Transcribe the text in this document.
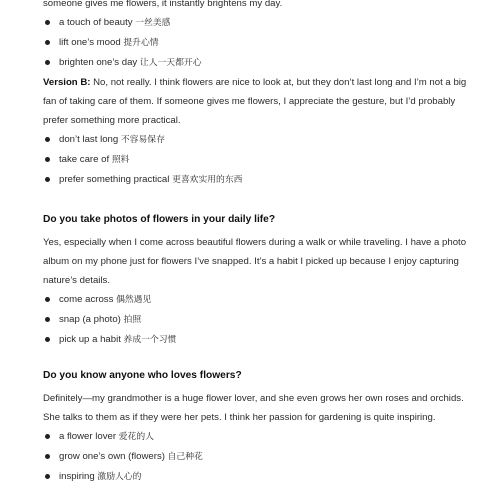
someone gives me flowers, it instantly brightens my day.
a touch of beauty 一丝美感
lift one’s mood 提升心情
brighten one’s day 让人一天都开心

Version B: No, not really. I think flowers are nice to look at, but they don’t last long and I’m not a big fan of taking care of them. If someone gives me flowers, I appreciate the gesture, but I’d probably prefer something more practical.

don’t last long 不容易保存
take care of 照料
prefer something practical 更喜欢实用的东西
Do you take photos of flowers in your daily life?

Yes, especially when I come across beautiful flowers during a walk or while traveling. I have a photo album on my phone just for flowers I’ve snapped. It’s a habit I picked up because I enjoy capturing nature’s details.

come across 偶然遇见
snap (a photo) 拍照
pick up a habit 养成一个习惯
Do you know anyone who loves flowers?

Definitely—my grandmother is a huge flower lover, and she even grows her own roses and orchids. She talks to them as if they were her pets. I think her passion for gardening is quite inspiring.

a flower lover 爱花的人
grow one’s own (flowers) 自己种花
inspiring 激励人心的
